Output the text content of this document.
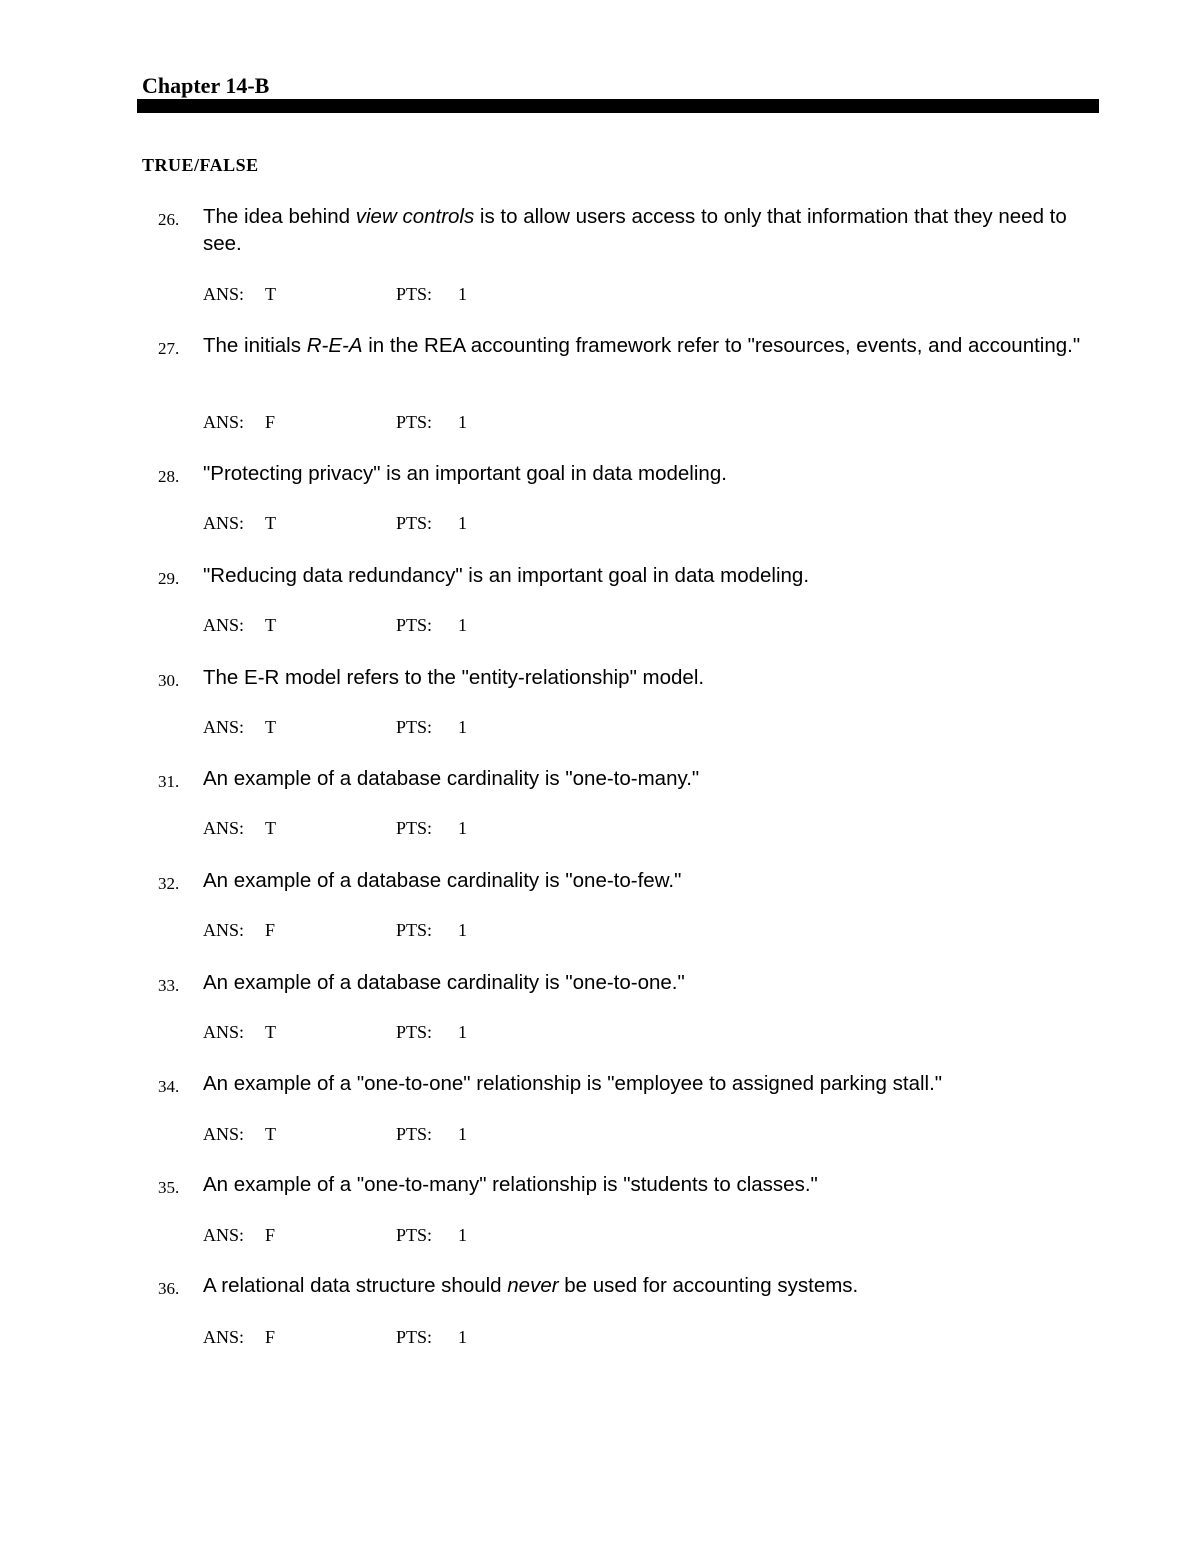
Chapter 14-B
TRUE/FALSE
26. The idea behind view controls is to allow users access to only that information that they need to see.
ANS: T	PTS: 1
27. The initials R-E-A in the REA accounting framework refer to "resources, events, and accounting."
ANS: F	PTS: 1
28. "Protecting privacy" is an important goal in data modeling.
ANS: T	PTS: 1
29. "Reducing data redundancy" is an important goal in data modeling.
ANS: T	PTS: 1
30. The E-R model refers to the "entity-relationship" model.
ANS: T	PTS: 1
31. An example of a database cardinality is "one-to-many."
ANS: T	PTS: 1
32. An example of a database cardinality is "one-to-few."
ANS: F	PTS: 1
33. An example of a database cardinality is "one-to-one."
ANS: T	PTS: 1
34. An example of a "one-to-one" relationship is "employee to assigned parking stall."
ANS: T	PTS: 1
35. An example of a "one-to-many" relationship is "students to classes."
ANS: F	PTS: 1
36. A relational data structure should never be used for accounting systems.
ANS: F	PTS: 1
